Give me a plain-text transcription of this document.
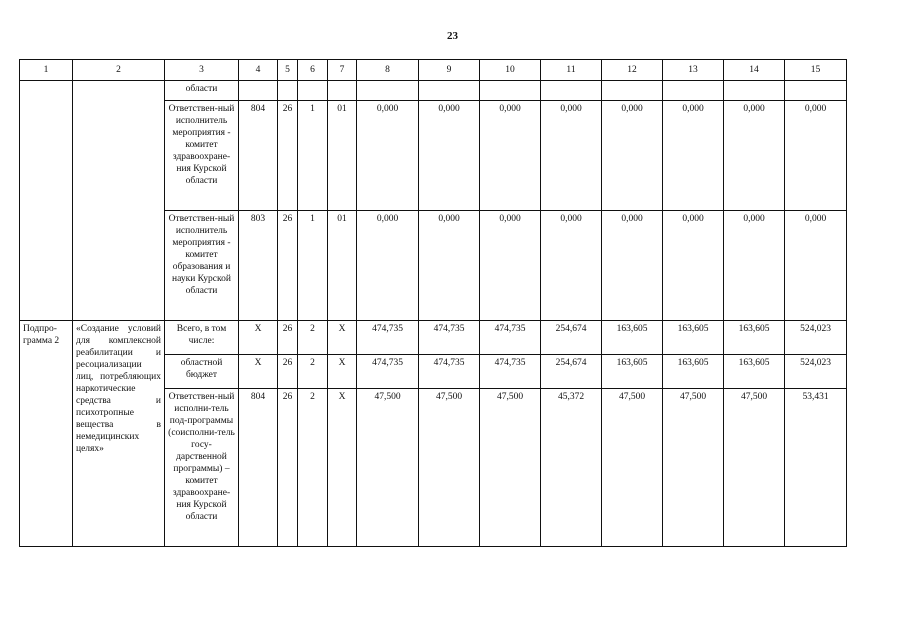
23
1	2	3	4	5	6	7	8	9	10	11	12	13	14	15
		области												
		Ответствен-ный исполнитель мероприятия - комитет здравоохране-ния Курской области	804	26	1	01	0,000	0,000	0,000	0,000	0,000	0,000	0,000	0,000
		Ответствен-ный исполнитель мероприятия - комитет образования и науки Курской области	803	26	1	01	0,000	0,000	0,000	0,000	0,000	0,000	0,000	0,000
Подпро-грамма 2	«Создание условий для комплексной реабилитации и ресоциализации лиц, потребляющих наркотические средства и психотропные вещества в немедицинских целях»	Всего, в том числе:	X	26	2	X	474,735	474,735	474,735	254,674	163,605	163,605	163,605	524,023
		областной бюджет	X	26	2	X	474,735	474,735	474,735	254,674	163,605	163,605	163,605	524,023
		Ответствен-ный исполни-тель под-программы (соисполни-тель госу-дарственной программы) – комитет здравоохране-ния Курской области	804	26	2	X	47,500	47,500	47,500	45,372	47,500	47,500	47,500	53,431
